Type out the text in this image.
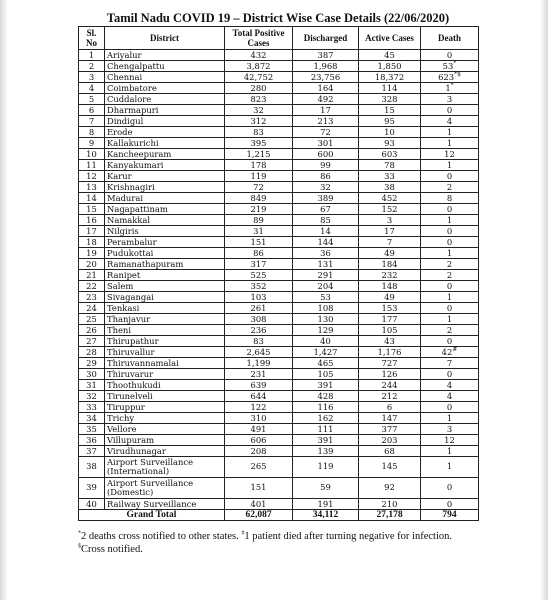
Tamil Nadu COVID 19 – District Wise Case Details (22/06/2020)
Sl. No	District	Total Positive Cases	Discharged	Active Cases	Death
1	Ariyalur	432	387	45	0
2	Chengalpattu	3,872	1,968	1,850	53*
3	Chennai	42,752	23,756	18,372	623*$
4	Coimbatore	280	164	114	1*
5	Cuddalore	823	492	328	3
6	Dharmapuri	32	17	15	0
7	Dindigul	312	213	95	4
8	Erode	83	72	10	1
9	Kallakurichi	395	301	93	1
10	Kancheepuram	1,215	600	603	12
11	Kanyakumari	178	99	78	1
12	Karur	119	86	33	0
13	Krishnagiri	72	32	38	2
14	Madurai	849	389	452	8
15	Nagapattinam	219	67	152	0
16	Namakkal	89	85	3	1
17	Nilgiris	31	14	17	0
18	Perambalur	151	144	7	0
19	Pudukottai	86	36	49	1
20	Ramanathapuram	317	131	184	2
21	Ranipet	525	291	232	2
22	Salem	352	204	148	0
23	Sivagangai	103	53	49	1
24	Tenkasi	261	108	153	0
25	Thanjavur	308	130	177	1
26	Theni	236	129	105	2
27	Thirupathur	83	40	43	0
28	Thiruvallur	2,645	1,427	1,176	42#
29	Thiruvannamalai	1,199	465	727	7
30	Thiruvarur	231	105	126	0
31	Thoothukudi	639	391	244	4
32	Tirunelveli	644	428	212	4
33	Tiruppur	122	116	6	0
34	Trichy	310	162	147	1
35	Vellore	491	111	377	3
36	Villupuram	606	391	203	12
37	Virudhunagar	208	139	68	1
38	Airport Surveillance (International)	265	119	145	1
39	Airport Surveillance (Domestic)	151	59	92	0
40	Railway Surveillance	401	191	210	0
Grand Total		62,087	34,112	27,178	794
*2 deaths cross notified to other states. #1 patient died after turning negative for infection. $Cross notified.
